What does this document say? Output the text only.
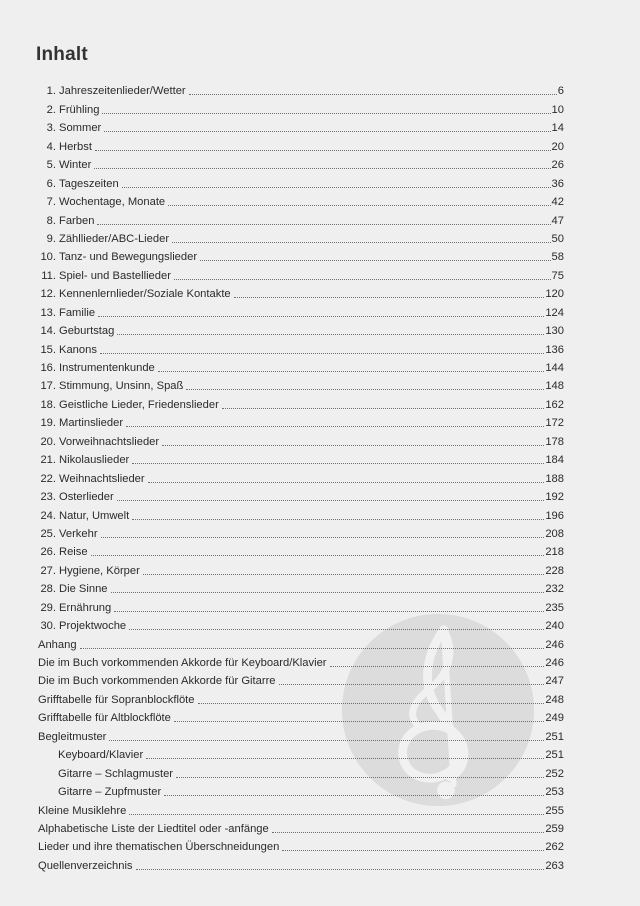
Inhalt
1. Jahreszeitenlieder/Wetter	6
2. Frühling	10
3. Sommer	14
4. Herbst	20
5. Winter	26
6. Tageszeiten	36
7. Wochentage, Monate	42
8. Farben	47
9. Zähllieder/ABC-Lieder	50
10. Tanz- und Bewegungslieder	58
11. Spiel- und Bastellieder	75
12. Kennenlernlieder/Soziale Kontakte	120
13. Familie	124
14. Geburtstag	130
15. Kanons	136
16. Instrumentenkunde	144
17. Stimmung, Unsinn, Spaß	148
18. Geistliche Lieder, Friedenslieder	162
19. Martinslieder	172
20. Vorweihnachtslieder	178
21. Nikolauslieder	184
22. Weihnachtslieder	188
23. Osterlieder	192
24. Natur, Umwelt	196
25. Verkehr	208
26. Reise	218
27. Hygiene, Körper	228
28. Die Sinne	232
29. Ernährung	235
30. Projektwoche	240
Anhang	246
Die im Buch vorkommenden Akkorde für Keyboard/Klavier	246
Die im Buch vorkommenden Akkorde für Gitarre	247
Grifftabelle für Sopranblockflöte	248
Grifftabelle für Altblockflöte	249
Begleitmuster	251
Keyboard/Klavier	251
Gitarre – Schlagmuster	252
Gitarre – Zupfmuster	253
Kleine Musiklehre	255
Alphabetische Liste der Liedtitel oder -anfänge	259
Lieder und ihre thematischen Überschneidungen	262
Quellenverzeichnis	263
